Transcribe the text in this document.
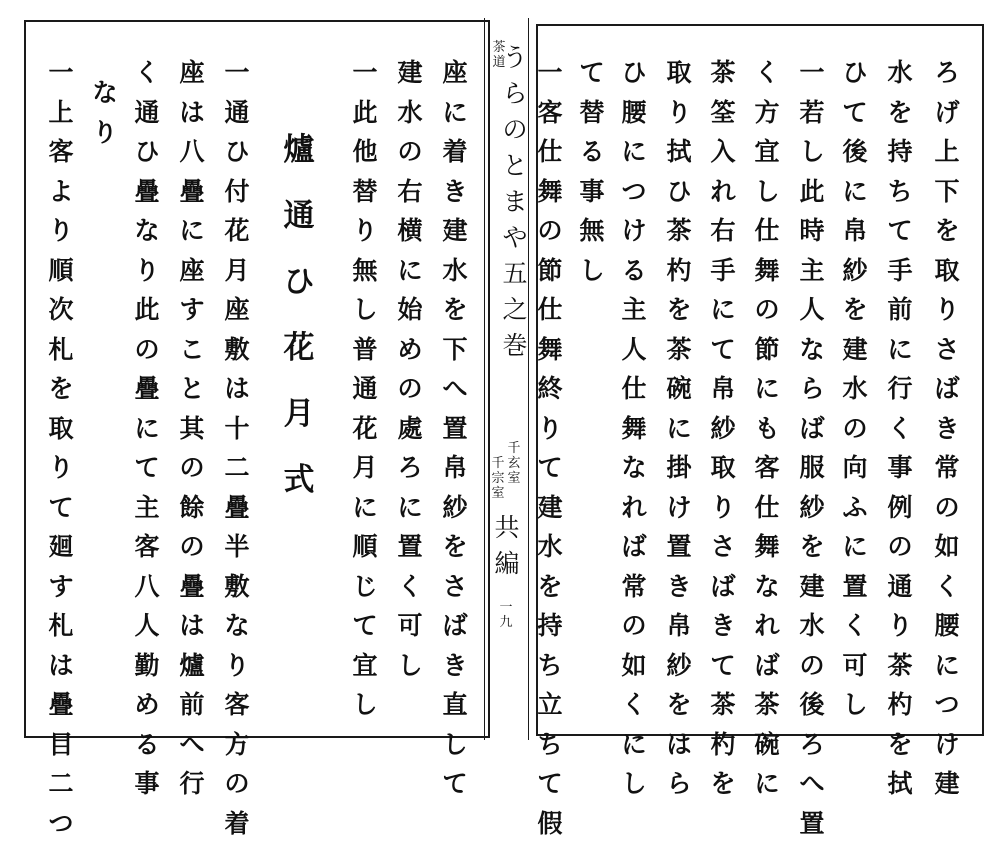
ろ
げ
上
下
を
取
り
さ
ば
き
常
の
如
く
腰
に
つ
け
建
水
を
持
ち
て
手
前
に
行
く
事
例
の
通
り
茶
杓
を
拭
ひ
て
後
に
帛
紗
を
建
水
の
向
ふ
に
置
く
可
し
一
若
し
此
時
主
人
な
ら
ば
服
紗
を
建
水
の
後
ろ
へ
置
く
方
宜
し
仕
舞
の
節
に
も
客
仕
舞
な
れ
ば
茶
碗
に
茶
筌
入
れ
右
手
に
て
帛
紗
取
り
さ
ば
き
て
茶
杓
を
取
り
拭
ひ
茶
杓
を
茶
碗
に
掛
け
置
き
帛
紗
を
は
ら
ひ
腰
に
つ
け
る
主
人
仕
舞
な
れ
ば
常
の
如
く
に
し
て
替
る
事
無
し
一
客
仕
舞
の
節
仕
舞
終
り
て
建
水
を
持
ち
立
ち
て
假
茶
道
う
ら
の
と
ま
や
五
之
巻
千
宗
室
千
玄
室
共
編
一
九
座
に
着
き
建
水
を
下
へ
置
帛
紗
を
さ
ば
き
直
し
て
建
水
の
右
横
に
始
め
の
處
ろ
に
置
く
可
し
一
此
他
替
り
無
し
普
通
花
月
に
順
じ
て
宜
し
爐
通
ひ
花
月
式
一
通
ひ
付
花
月
座
敷
は
十
二
疊
半
敷
な
り
客
方
の
着
座
は
八
疊
に
座
す
こ
と
其
の
餘
の
疊
は
爐
前
へ
行
く
通
ひ
疊
な
り
此
の
疊
に
て
主
客
八
人
勤
め
る
事
な
り
一
上
客
よ
り
順
次
札
を
取
り
て
廻
す
札
は
疊
目
二
つ
